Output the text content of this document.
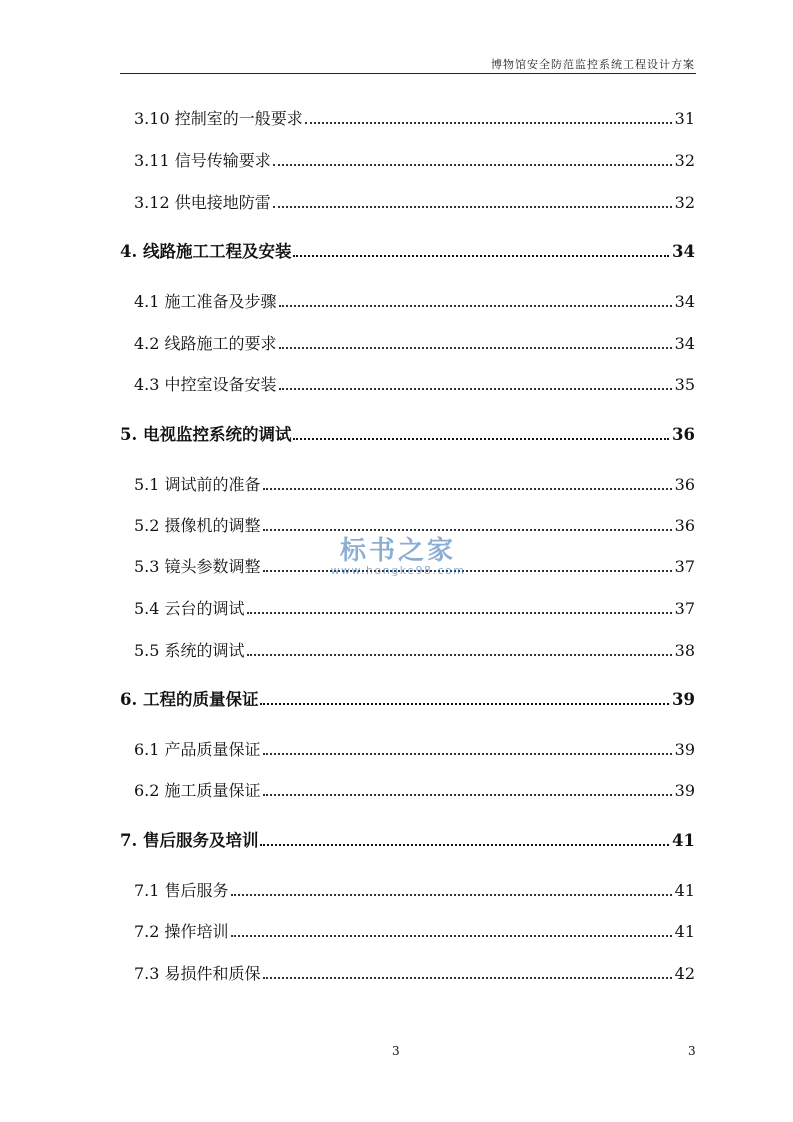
博物馆安全防范监控系统工程设计方案
3.10 控制室的一般要求	31
3.11 信号传输要求	32
3.12 供电接地防雷	32
4. 线路施工工程及安装	34
4.1 施工准备及步骤	34
4.2 线路施工的要求	34
4.3 中控室设备安装	35
5. 电视监控系统的调试	36
5.1 调试前的准备	36
5.2 摄像机的调整	36
5.3 镜头参数调整	37
5.4 云台的调试	37
5.5 系统的调试	38
6. 工程的质量保证	39
6.1 产品质量保证	39
6.2 施工质量保证	39
7. 售后服务及培训	41
7.1 售后服务	41
7.2 操作培训	41
7.3 易损件和质保	42
标书之家
www.hongke98.com
3	3
